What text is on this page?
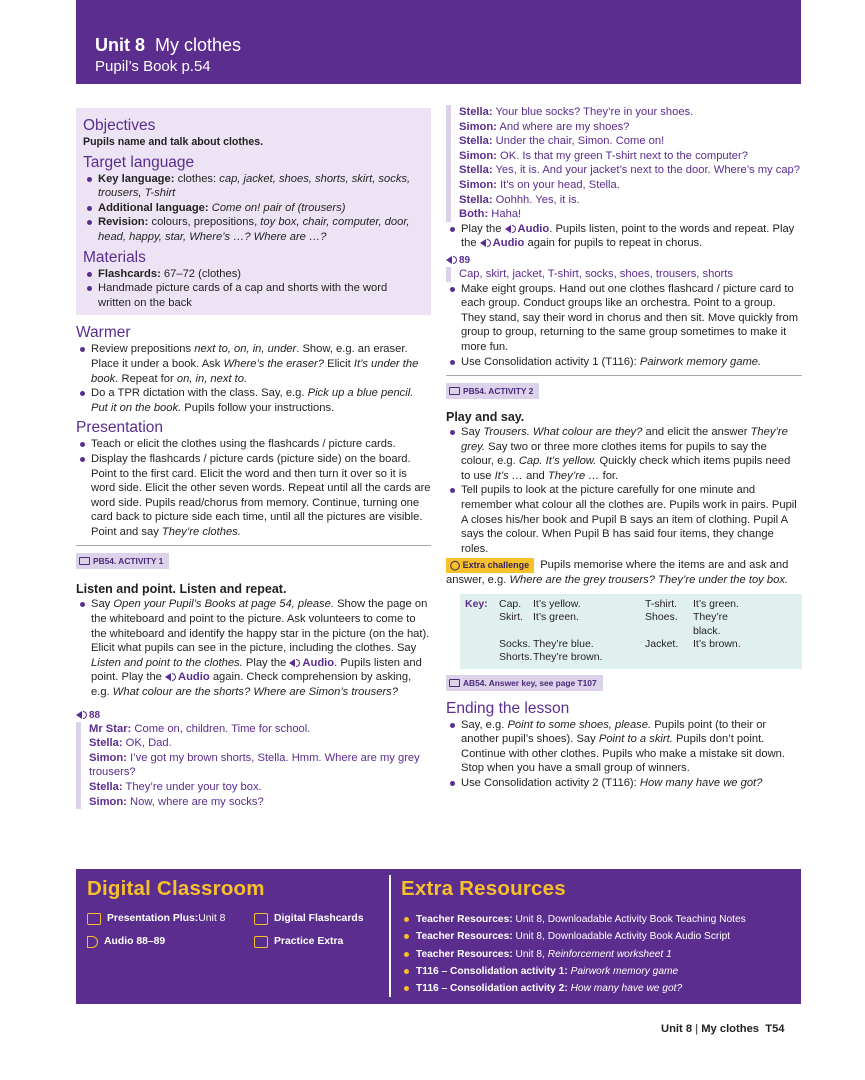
Unit 8 My clothes
Pupil’s Book p.54
Objectives
Pupils name and talk about clothes.
Target language
Key language: clothes: cap, jacket, shoes, shorts, skirt, socks, trousers, T-shirt
Additional language: Come on! pair of (trousers)
Revision: colours, prepositions, toy box, chair, computer, door, head, happy, star, Where’s …? Where are …?
Materials
Flashcards: 67–72 (clothes)
Handmade picture cards of a cap and shorts with the word written on the back
Warmer
Review prepositions next to, on, in, under. Show, e.g. an eraser. Place it under a book. Ask Where’s the eraser? Elicit It’s under the book. Repeat for on, in, next to.
Do a TPR dictation with the class. Say, e.g. Pick up a blue pencil. Put it on the book. Pupils follow your instructions.
Presentation
Teach or elicit the clothes using the flashcards / picture cards.
Display the flashcards / picture cards (picture side) on the board. Point to the first card. Elicit the word and then turn it over so it is word side. Elicit the other seven words. Repeat until all the cards are word side. Pupils read/chorus from memory. Continue, turning one card back to picture side each time, until all the pictures are visible. Point and say They’re clothes.
PB54. ACTIVITY 1
Listen and point. Listen and repeat.
Say Open your Pupil’s Books at page 54, please. Show the page on the whiteboard and point to the picture. Ask volunteers to come to the whiteboard and identify the happy star in the picture (on the hat). Elicit what pupils can see in the picture, including the clothes. Say Listen and point to the clothes. Play the Audio. Pupils listen and point. Play the Audio again. Check comprehension by asking, e.g. What colour are the shorts? Where are Simon’s trousers?
88
Mr Star: Come on, children. Time for school.
Stella: OK, Dad.
Simon: I’ve got my brown shorts, Stella. Hmm. Where are my grey trousers?
Stella: They’re under your toy box.
Simon: Now, where are my socks?
Stella: Your blue socks? They’re in your shoes.
Simon: And where are my shoes?
Stella: Under the chair, Simon. Come on!
Simon: OK. Is that my green T-shirt next to the computer?
Stella: Yes, it is. And your jacket’s next to the door. Where’s my cap?
Simon: It’s on your head, Stella.
Stella: Oohhh. Yes, it is.
Both: Haha!
Play the Audio. Pupils listen, point to the words and repeat. Play the Audio again for pupils to repeat in chorus.
89
Cap, skirt, jacket, T-shirt, socks, shoes, trousers, shorts
Make eight groups. Hand out one clothes flashcard / picture card to each group. Conduct groups like an orchestra. Point to a group. They stand, say their word in chorus and then sit. Move quickly from group to group, returning to the same group sometimes to make it more fun.
Use Consolidation activity 1 (T116): Pairwork memory game.
PB54. ACTIVITY 2
Play and say.
Say Trousers. What colour are they? and elicit the answer They’re grey. Say two or three more clothes items for pupils to say the colour, e.g. Cap. It’s yellow. Quickly check which items pupils need to use It’s … and They’re … for.
Tell pupils to look at the picture carefully for one minute and remember what colour all the clothes are. Pupils work in pairs. Pupil A closes his/her book and Pupil B says an item of clothing. Pupil A says the colour. When Pupil B has said four items, they change roles.
◯ Extra challenge Pupils memorise where the items are and ask and answer, e.g. Where are the grey trousers? They’re under the toy box.
Key:	Cap.	It’s yellow.	T-shirt.	It’s green.
Skirt. It’s green.	Shoes.	They’re black.
Socks. They’re blue.	Jacket.	It’s brown.
Shorts. They’re brown.
AB54. Answer key, see page T107
Ending the lesson
Say, e.g. Point to some shoes, please. Pupils point (to their or another pupil’s shoes). Say Point to a skirt. Pupils don’t point. Continue with other clothes. Pupils who make a mistake sit down. Stop when you have a small group of winners.
Use Consolidation activity 2 (T116): How many have we got?
Digital Classroom
Presentation Plus: Unit 8
Audio 88–89
Digital Flashcards
Practice Extra
Extra Resources
Teacher Resources: Unit 8, Downloadable Activity Book Teaching Notes
Teacher Resources: Unit 8, Downloadable Activity Book Audio Script
Teacher Resources: Unit 8, Reinforcement worksheet 1
T116 – Consolidation activity 1: Pairwork memory game
T116 – Consolidation activity 2: How many have we got?
Unit 8 | My clothes T54
